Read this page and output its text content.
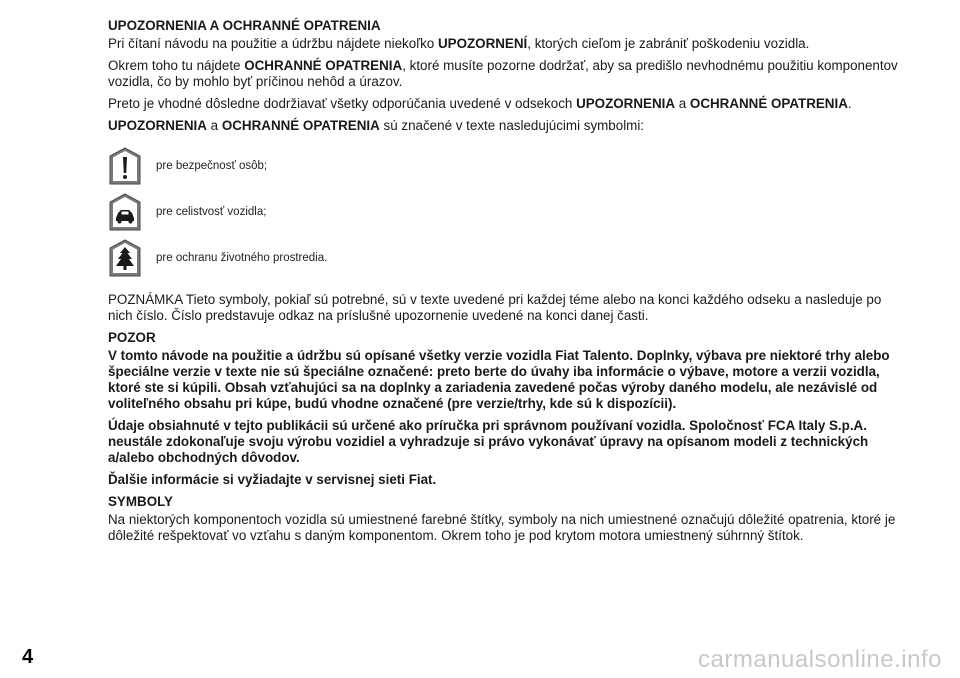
UPOZORNENIA A OCHRANNÉ OPATRENIA

Pri čítaní návodu na použitie a údržbu nájdete niekoľko UPOZORNENÍ, ktorých cieľom je zabrániť poškodeniu vozidla.

Okrem toho tu nájdete OCHRANNÉ OPATRENIA, ktoré musíte pozorne dodržať, aby sa predišlo nevhodnému použitiu komponentov vozidla, čo by mohlo byť príčinou nehôd a úrazov.

Preto je vhodné dôsledne dodržiavať všetky odporúčania uvedené v odsekoch UPOZORNENIA a OCHRANNÉ OPATRENIA.

UPOZORNENIA a OCHRANNÉ OPATRENIA sú značené v texte nasledujúcimi symbolmi:

pre bezpečnosť osôb;
pre celistvosť vozidla;
pre ochranu životného prostredia.

POZNÁMKA Tieto symboly, pokiaľ sú potrebné, sú v texte uvedené pri každej téme alebo na konci každého odseku a nasleduje po nich číslo. Číslo predstavuje odkaz na príslušné upozornenie uvedené na konci danej časti.

POZOR

V tomto návode na použitie a údržbu sú opísané všetky verzie vozidla Fiat Talento. Doplnky, výbava pre niektoré trhy alebo špeciálne verzie v texte nie sú špeciálne označené: preto berte do úvahy iba informácie o výbave, motore a verzii vozidla, ktoré ste si kúpili. Obsah vzťahujúci sa na doplnky a zariadenia zavedené počas výroby daného modelu, ale nezávislé od voliteľného obsahu pri kúpe, budú vhodne označené (pre verzie/trhy, kde sú k dispozícii).

Údaje obsiahnuté v tejto publikácii sú určené ako príručka pri správnom používaní vozidla. Spoločnosť FCA Italy S.p.A. neustále zdokonaľuje svoju výrobu vozidiel a vyhradzuje si právo vykonávať úpravy na opísanom modeli z technických a/alebo obchodných dôvodov.

Ďalšie informácie si vyžiadajte v servisnej sieti Fiat.

SYMBOLY

Na niektorých komponentoch vozidla sú umiestnené farebné štítky, symboly na nich umiestnené označujú dôležité opatrenia, ktoré je dôležité rešpektovať vo vzťahu s daným komponentom. Okrem toho je pod krytom motora umiestnený súhrnný štítok.

4	carmanualsonline.info
